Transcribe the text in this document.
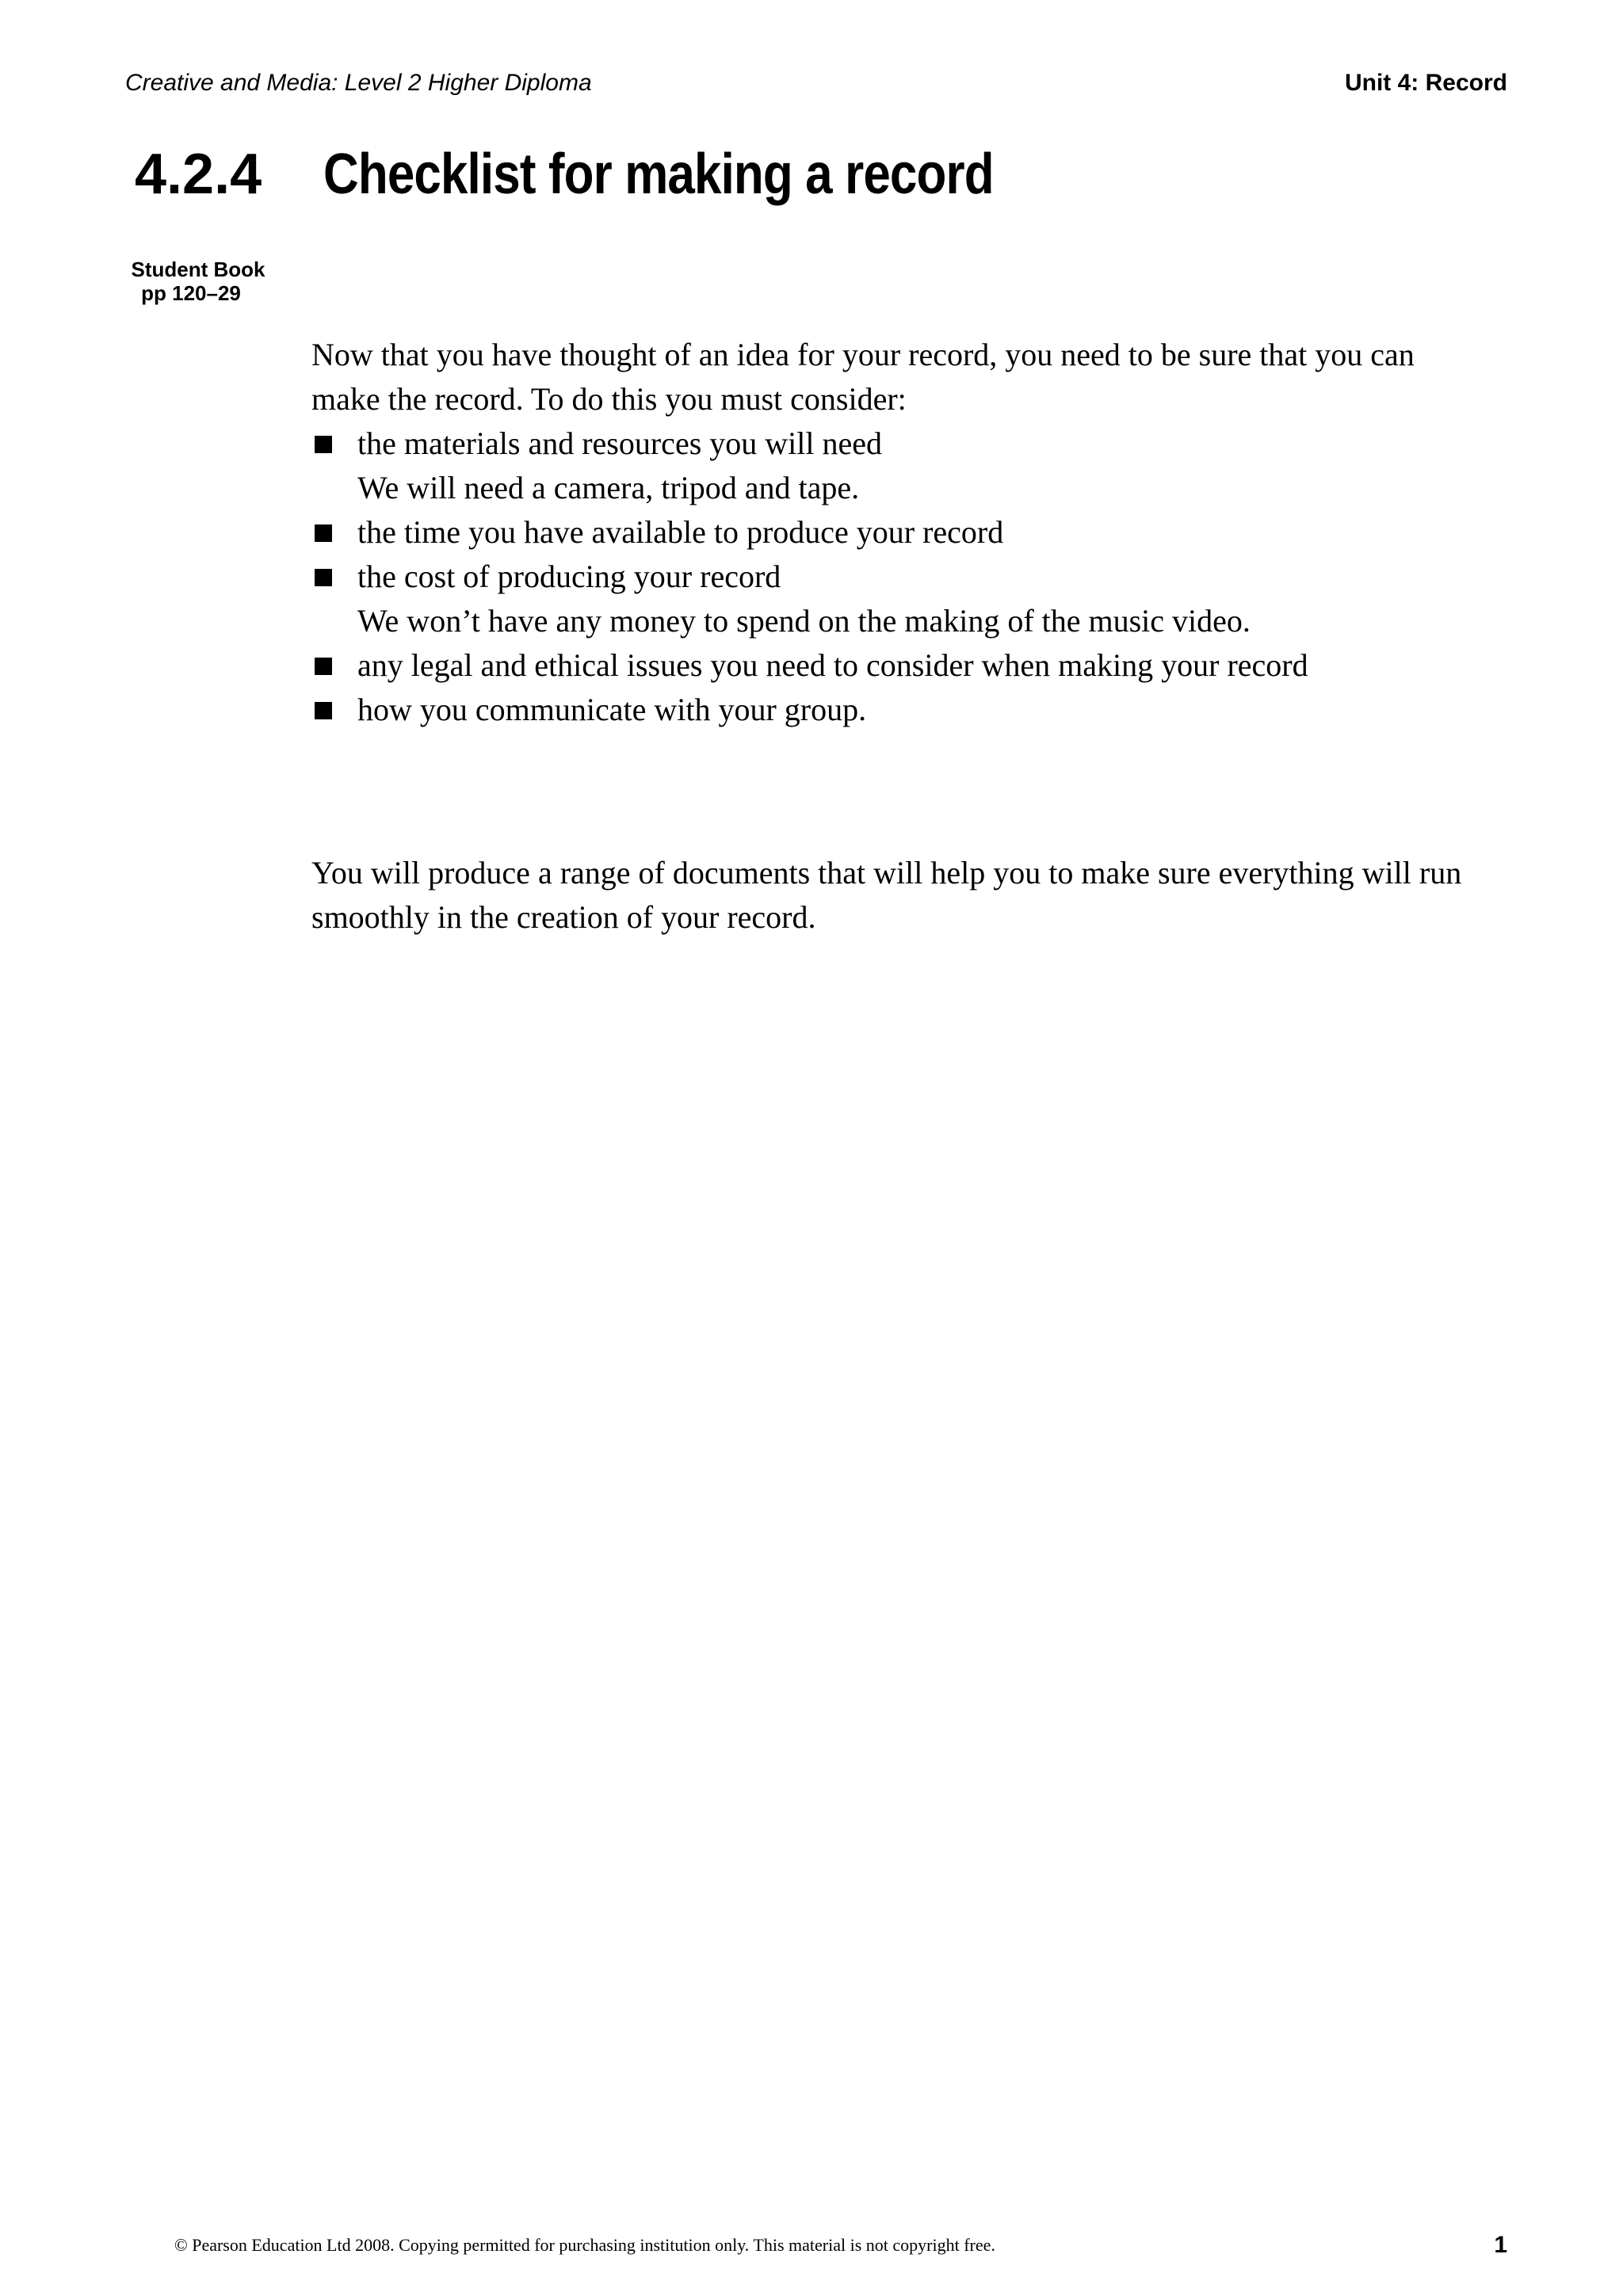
Creative and Media: Level 2 Higher Diploma	Unit 4: Record
4.2.4 Checklist for making a record
Student Book
pp 120–29

Now that you have thought of an idea for your record, you need to be sure that you can make the record. To do this you must consider:

the materials and resources you will need

We will need a camera, tripod and tape.

the time you have available to produce your record

the cost of producing your record

We won’t have any money to spend on the making of the music video.

any legal and ethical issues you need to consider when making your record

how you communicate with your group.

You will produce a range of documents that will help you to make sure everything will run smoothly in the creation of your record.

© Pearson Education Ltd 2008. Copying permitted for purchasing institution only. This material is not copyright free.	1
